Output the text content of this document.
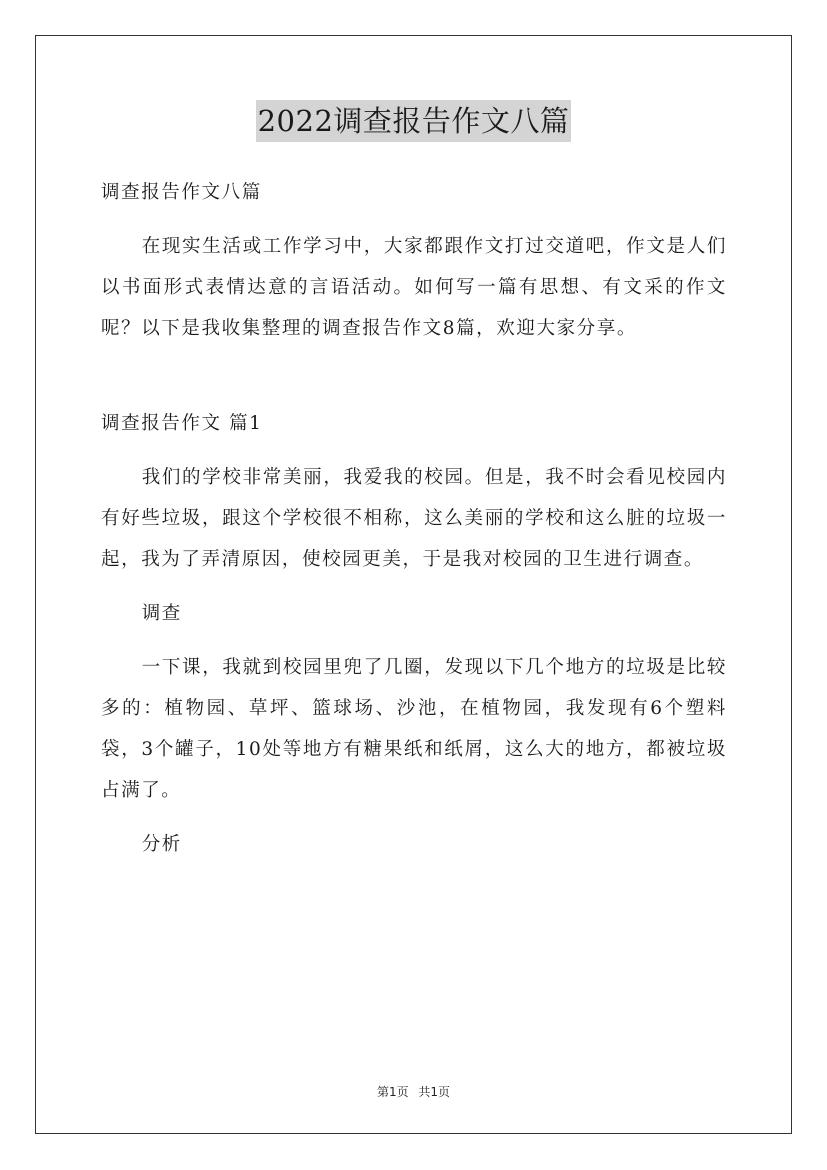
2022调查报告作文八篇

调查报告作文八篇

在现实生活或工作学习中，大家都跟作文打过交道吧，作文是人们以书面形式表情达意的言语活动。如何写一篇有思想、有文采的作文呢？以下是我收集整理的调查报告作文8篇，欢迎大家分享。

调查报告作文 篇1

我们的学校非常美丽，我爱我的校园。但是，我不时会看见校园内有好些垃圾，跟这个学校很不相称，这么美丽的学校和这么脏的垃圾一起，我为了弄清原因，使校园更美，于是我对校园的卫生进行调查。

调查

一下课，我就到校园里兜了几圈，发现以下几个地方的垃圾是比较多的：植物园、草坪、篮球场、沙池，在植物园，我发现有6个塑料袋，3个罐子，10处等地方有糖果纸和纸屑，这么大的地方，都被垃圾占满了。

分析

第1页 共1页
